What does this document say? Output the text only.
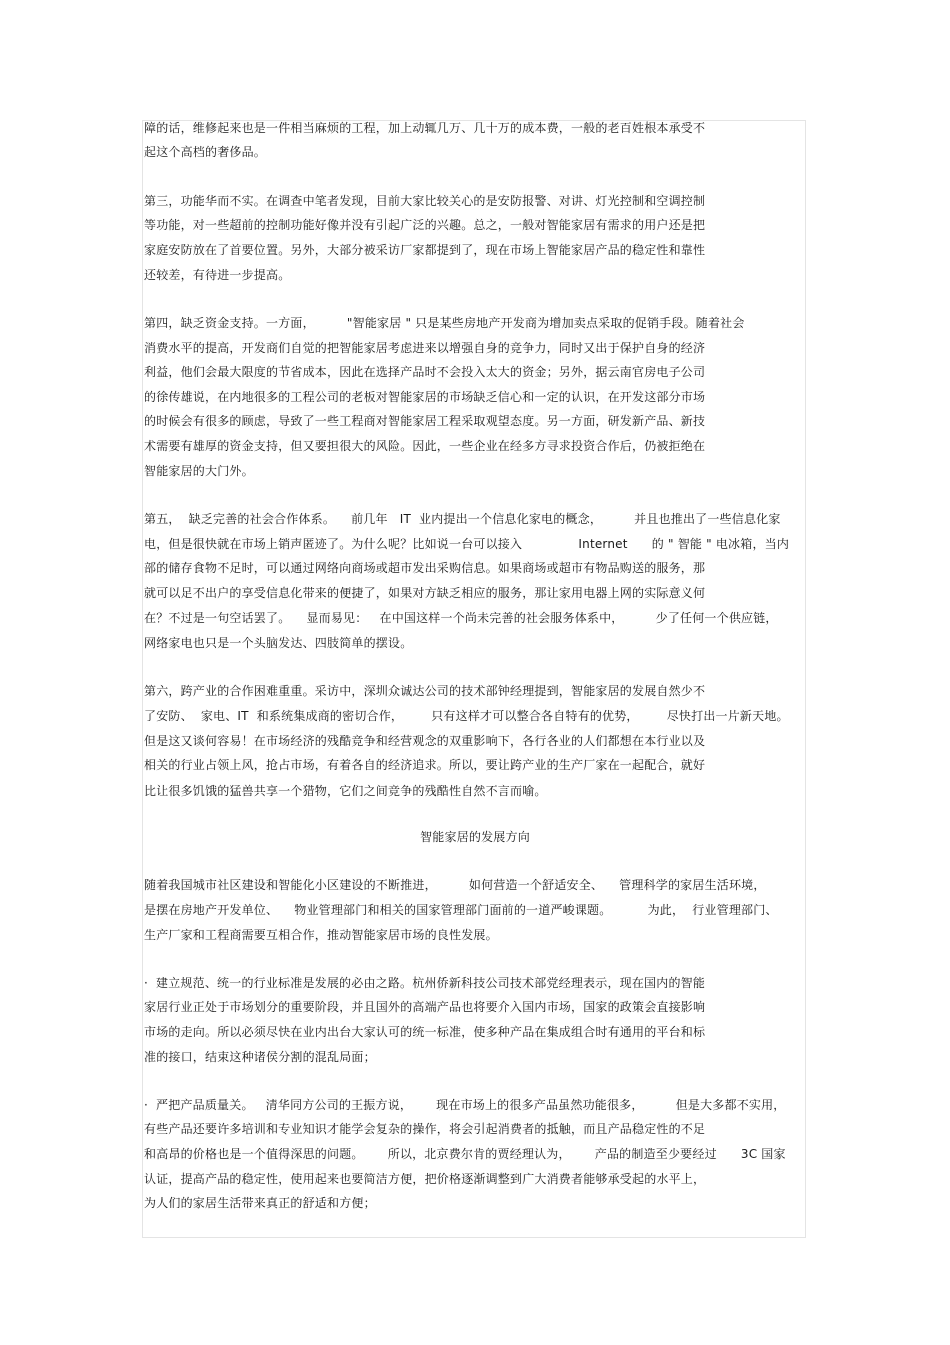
障的话，维修起来也是一件相当麻烦的工程，加上动辄几万、几十万的成本费，一般的老百姓根本承受不
起这个高档的奢侈品。
第三，功能华而不实。在调查中笔者发现，目前大家比较关心的是安防报警、对讲、灯光控制和空调控制
等功能，对一些超前的控制功能好像并没有引起广泛的兴趣。总之，一般对智能家居有需求的用户还是把
家庭安防放在了首要位置。另外，大部分被采访厂家都提到了，现在市场上智能家居产品的稳定性和靠性
还较差，有待进一步提高。
第四，缺乏资金支持。一方面，        "智能家居 " 只是某些房地产开发商为增加卖点采取的促销手段。随着社会
消费水平的提高，开发商们自觉的把智能家居考虑进来以增强自身的竞争力，同时又出于保护自身的经济
利益，他们会最大限度的节省成本，因此在选择产品时不会投入太大的资金；另外，据云南官房电子公司
的徐传雄说，在内地很多的工程公司的老板对智能家居的市场缺乏信心和一定的认识，在开发这部分市场
的时候会有很多的顾虑，导致了一些工程商对智能家居工程采取观望态度。另一方面，研发新产品、新技
术需要有雄厚的资金支持，但又要担很大的风险。因此，一些企业在经多方寻求投资合作后，仍被拒绝在
智能家居的大门外。
第五，  缺乏完善的社会合作体系。    前几年   IT  业内提出一个信息化家电的概念，        并且也推出了一些信息化家
电，但是很快就在市场上销声匿迹了。为什么呢？比如说一台可以接入              Internet      的 " 智能 " 电冰箱，当内
部的储存食物不足时，可以通过网络向商场或超市发出采购信息。如果商场或超市有物品购送的服务，那
就可以足不出户的享受信息化带来的便捷了，如果对方缺乏相应的服务，那让家用电器上网的实际意义何
在？不过是一句空话罢了。    显而易见：   在中国这样一个尚未完善的社会服务体系中，        少了任何一个供应链，
网络家电也只是一个头脑发达、四肢简单的摆设。
第六，跨产业的合作困难重重。采访中，深圳众诚达公司的技术部钟经理提到，智能家居的发展自然少不
了安防、  家电、IT  和系统集成商的密切合作，       只有这样才可以整合各自特有的优势，       尽快打出一片新天地。
但是这又谈何容易！在市场经济的残酷竞争和经营观念的双重影响下，各行各业的人们都想在本行业以及
相关的行业占领上风，抢占市场，有着各自的经济追求。所以，要让跨产业的生产厂家在一起配合，就好
比让很多饥饿的猛兽共享一个猎物，它们之间竞争的残酷性自然不言而喻。
智能家居的发展方向
随着我国城市社区建设和智能化小区建设的不断推进，        如何营造一个舒适安全、    管理科学的家居生活环境，
是摆在房地产开发单位、    物业管理部门和相关的国家管理部门面前的一道严峻课题。         为此，  行业管理部门、
生产厂家和工程商需要互相合作，推动智能家居市场的良性发展。
·  建立规范、统一的行业标准是发展的必由之路。杭州侨新科技公司技术部党经理表示，现在国内的智能
家居行业正处于市场划分的重要阶段，并且国外的高端产品也将要介入国内市场，国家的政策会直接影响
市场的走向。所以必须尽快在业内出台大家认可的统一标准，使多种产品在集成组合时有通用的平台和标
准的接口，结束这种诸侯分割的混乱局面；
·  严把产品质量关。   清华同方公司的王振方说，      现在市场上的很多产品虽然功能很多，        但是大多都不实用，
有些产品还要许多培训和专业知识才能学会复杂的操作，将会引起消费者的抵触，而且产品稳定性的不足
和高昂的价格也是一个值得深思的问题。      所以，北京费尔肯的贾经理认为，      产品的制造至少要经过      3C 国家
认证，提高产品的稳定性，使用起来也要简洁方便，把价格逐渐调整到广大消费者能够承受起的水平上，
为人们的家居生活带来真正的舒适和方便；
